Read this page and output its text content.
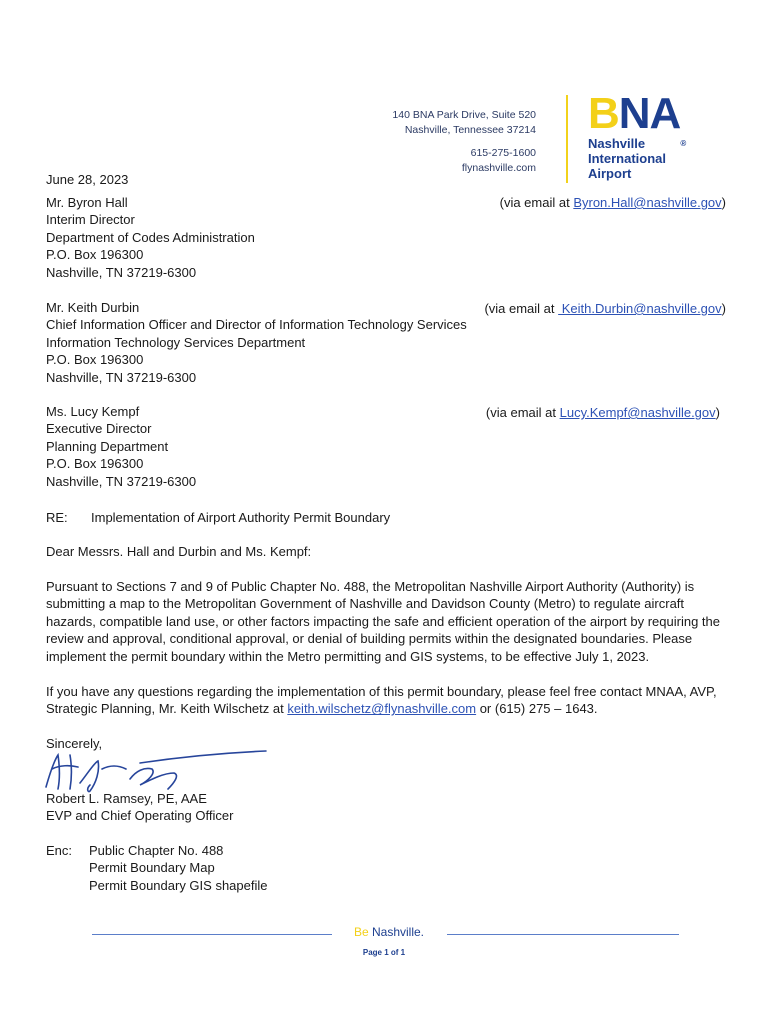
140 BNA Park Drive, Suite 520
Nashville, Tennessee 37214
615-275-1600
flynashville.com
BNA®
Nashville
International
Airport
June 28, 2023
Mr. Byron Hall
Interim Director
Department of Codes Administration
P.O. Box 196300
Nashville, TN 37219-6300
(via email at Byron.Hall@nashville.gov)
Mr. Keith Durbin
Chief Information Officer and Director of Information Technology Services
Information Technology Services Department
P.O. Box 196300
Nashville, TN 37219-6300
(via email at  Keith.Durbin@nashville.gov)
Ms. Lucy Kempf
Executive Director
Planning Department
P.O. Box 196300
Nashville, TN 37219-6300
(via email at Lucy.Kempf@nashville.gov)
RE: Implementation of Airport Authority Permit Boundary
Dear Messrs. Hall and Durbin and Ms. Kempf:

Pursuant to Sections 7 and 9 of Public Chapter No. 488, the Metropolitan Nashville Airport Authority (Authority) is

submitting a map to the Metropolitan Government of Nashville and Davidson County (Metro) to regulate aircraft

hazards, compatible land use, or other factors impacting the safe and efficient operation of the airport by requiring the

review and approval, conditional approval, or denial of building permits within the designated boundaries. Please

implement the permit boundary within the Metro permitting and GIS systems, to be effective July 1, 2023.

If you have any questions regarding the implementation of this permit boundary, please feel free contact MNAA, AVP,

Strategic Planning, Mr. Keith Wilschetz at keith.wilschetz@flynashville.com or (615) 275 – 1643.

Sincerely,
Robert L. Ramsey, PE, AAE
EVP and Chief Operating Officer
Enc: Public Chapter No. 488
Permit Boundary Map
Permit Boundary GIS shapefile
Be Nashville.
Page 1 of 1
